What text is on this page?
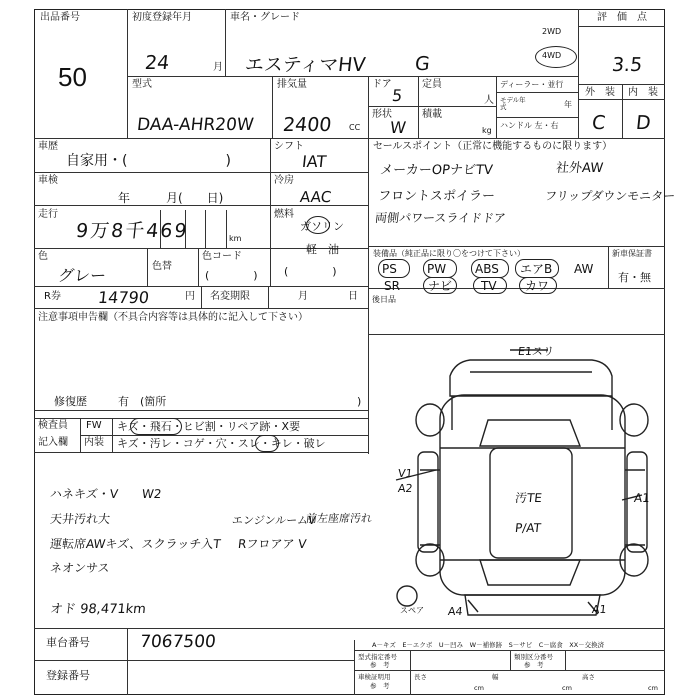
出品番号
50
初度登録年月
24	月
車名・グレード
エスティマHV G
2WD
4WD
評　価　点
3.5
外　装 内　装
C D
型式
DAA-AHR20W
排気量
2400 CC
ドア
5
定員
人
形状
W
積載
kg
ディーラー・並行
モデル年式	年
ハンドル 左・右
車歴
自家用・(　　　　　　　)
シフト
IAT
車検
年　　　月(　　日)
冷房
AAC
走行
9万8千469	km
燃料
ガソリン
軽　油
(　　　　)
色
グレー	色替
色コード
(　　　　)
R券 14790	円 名変期限	月	日
セールスポイント（正常に機能するものに限ります）
メーカーOPナビTV	社外AW
フロントスポイラー	フリップダウンモニター
両側パワースライドドア
装備品（純正品に限り〇をつけて下さい）	新車保証書
有・無
PS	PW ABS エアB AW
SR ナビ TV カワ
後日品
注意事項申告欄（不具合内容等は具体的に記入して下さい）
修復歴	有　(箇所	)
検査員
記入欄
FW キズ・飛石・ヒビ割・リペア跡・X要
内装 キズ・汚レ・コゲ・穴・スレ・キレ・破レ
ハネキズ・V　　W2
天井汚れ大
運転席AWキズ、スクラッチ入T
ネオンサス
エンジンルームV
前左座席汚れ
Rフロアア V
オド 98,471km
E1スリ
V1
A2
A1
A1
汚TE
P/AT
A4
スペア
車台番号	7067500
登録番号
A－キズ　E－エクボ　U－凹み　W－補修跡　S－サビ　C－腐食　XX－交換済
型式指定番号
参　考
類別区分番号
参　考
車検証明用
参　考
長さ
cm
幅
cm
高さ
cm
